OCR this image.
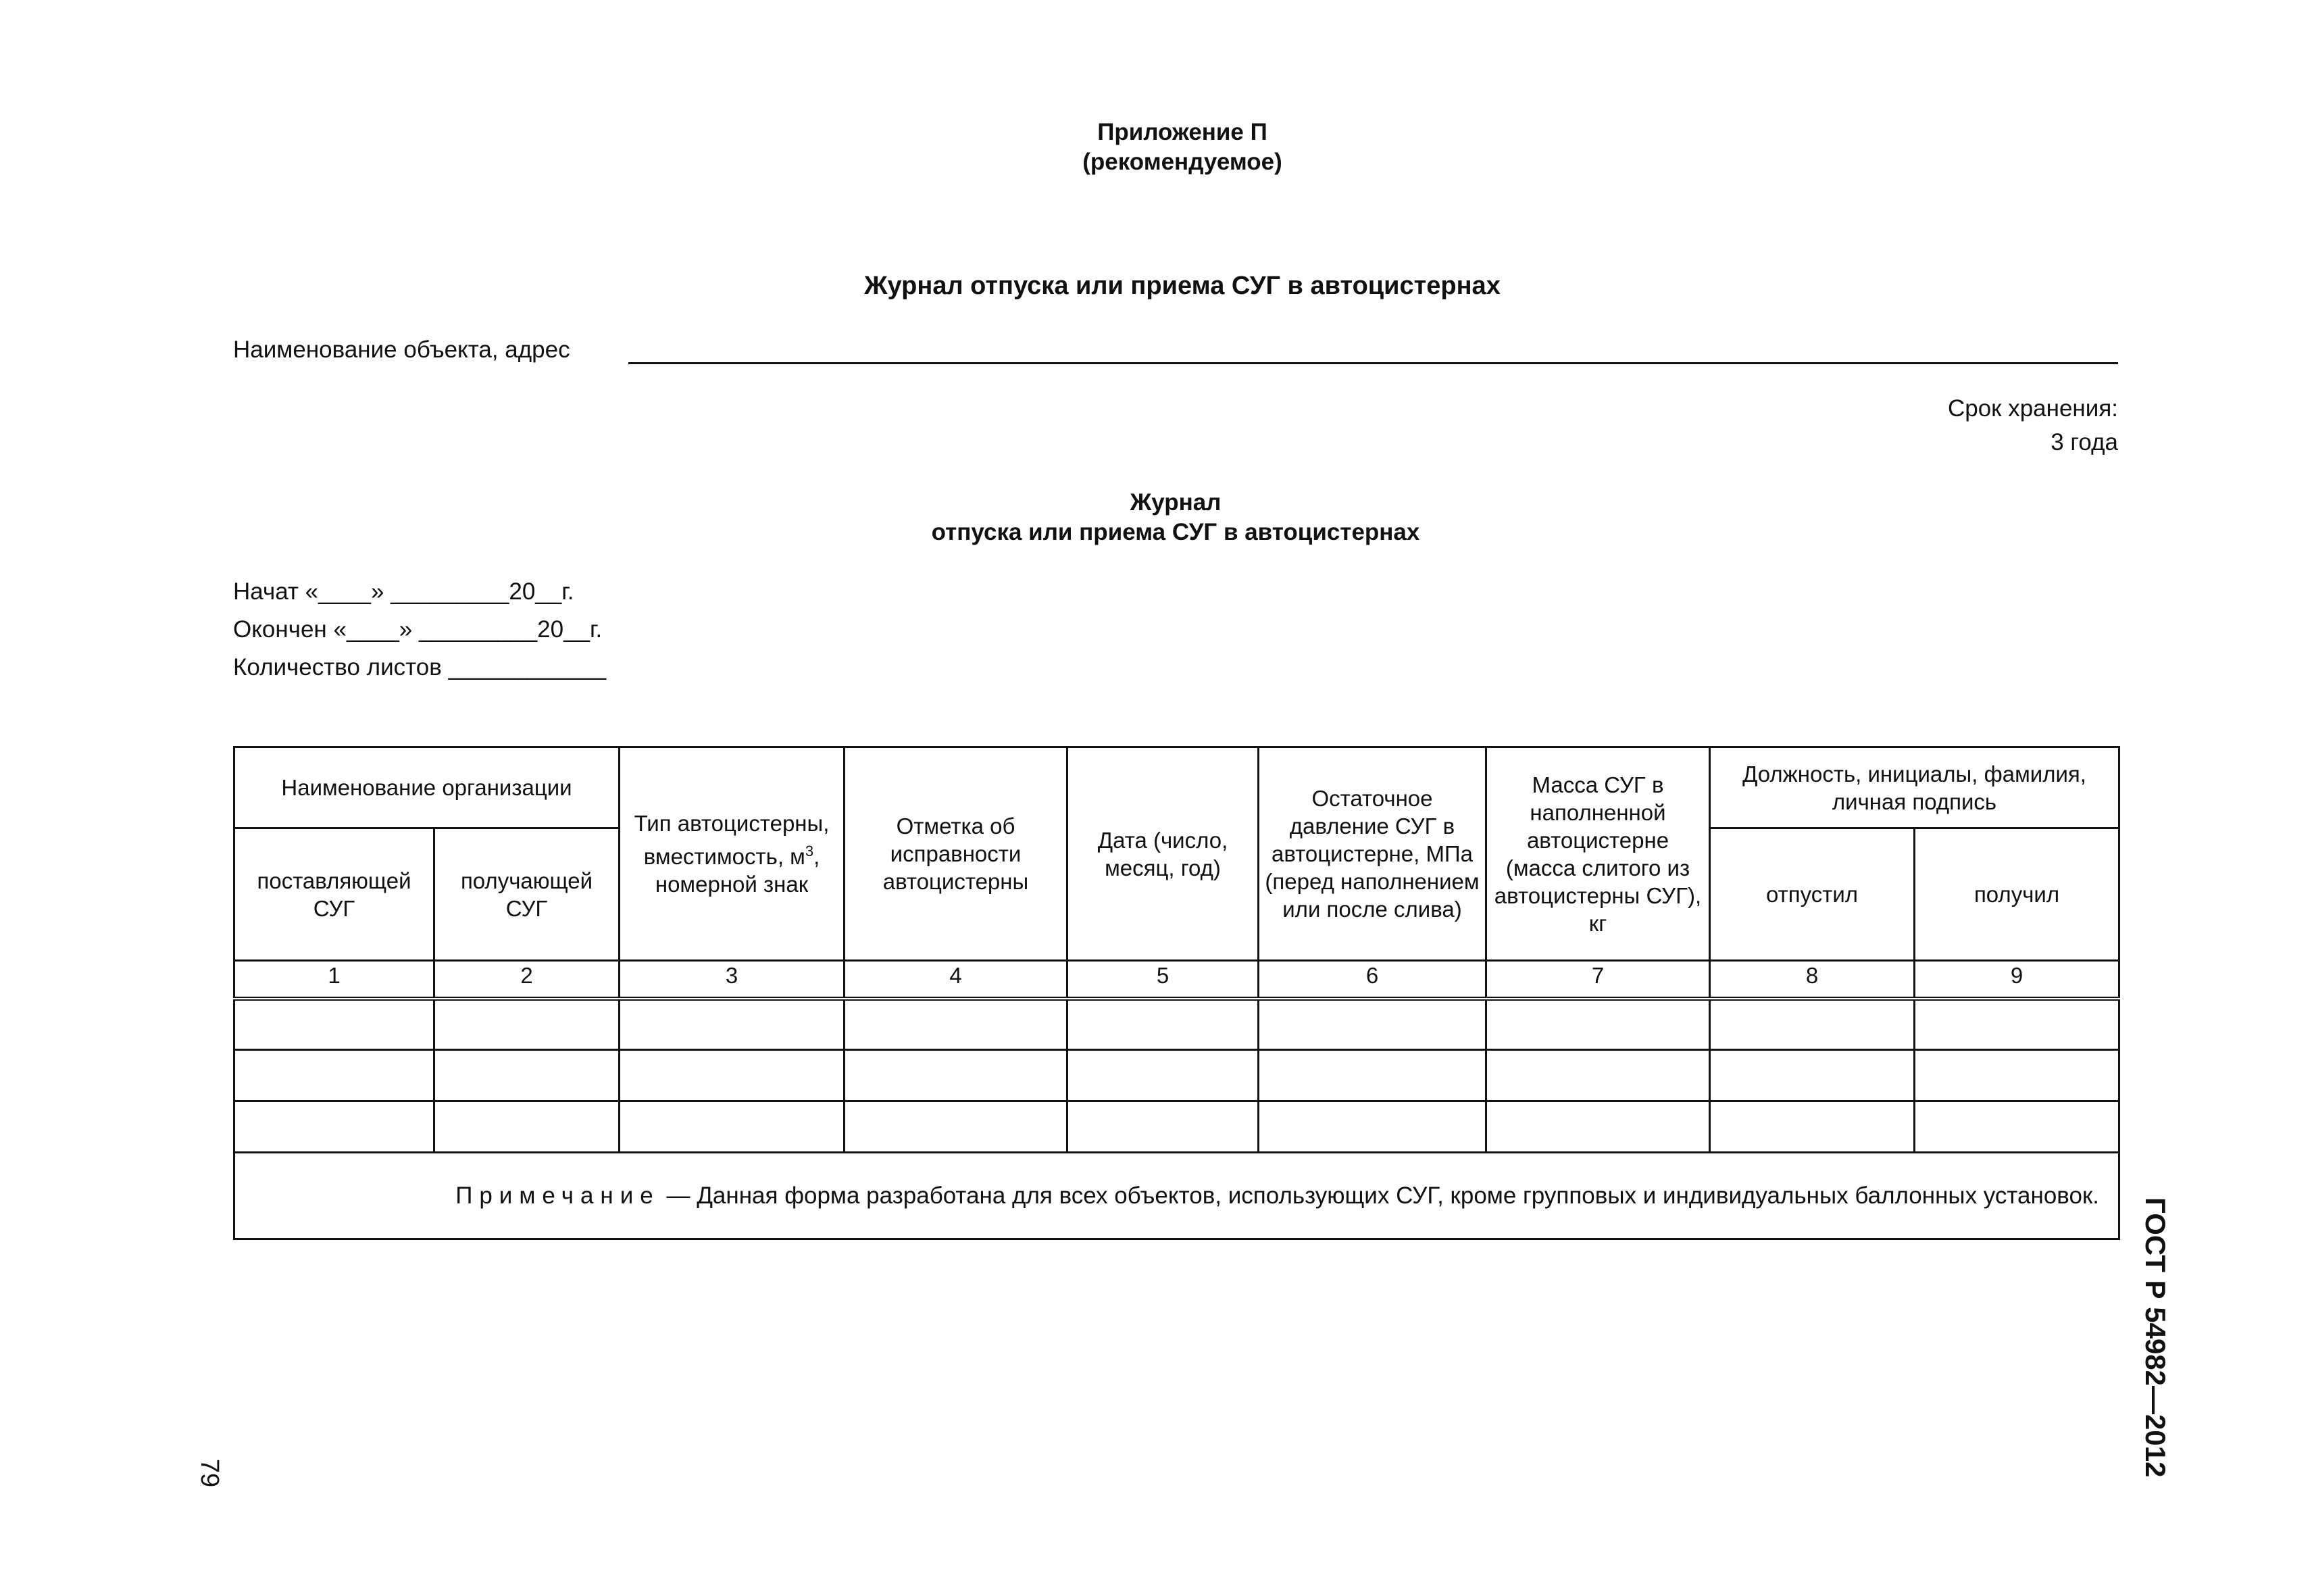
Приложение П
(рекомендуемое)
Журнал отпуска или приема СУГ в автоцистернах
Наименование объекта, адрес
Срок хранения:
3 года
Журнал
отпуска или приема СУГ в автоцистернах
Начат «____» _________20__г.
Окончен «____» _________20__г.
Количество листов ____________
Наименование организации		Тип автоцистерны, вместимость, $м^3$, номерной знак	Отметка об исправности автоцистерны	Дата (число, месяц, год)	Остаточное давление СУГ в автоцистерне, МПа (перед наполнением или после слива)	Масса СУГ в наполненной автоцистерне (масса слитого из автоцистерны СУГ), кг	Должность, инициалы, фамилия, личная подпись	
поставляющей СУГ	получающей СУГ						отпустил	получил
1	2	3	4	5	6	7	8	9

Примечание — Данная форма разработана для всех объектов, использующих СУГ, кроме групповых и индивидуальных баллонных установок.								
ГОСТ Р 54982—2012
79
